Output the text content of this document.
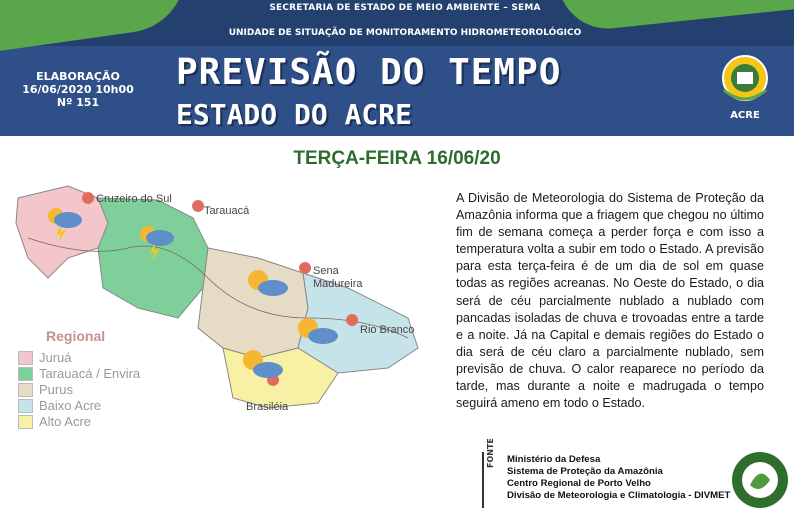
SECRETARIA DE ESTADO DE MEIO AMBIENTE – SEMA
UNIDADE DE SITUAÇÃO DE MONITORAMENTO HIDROMETEOROLÓGICO
ELABORAÇÃO
16/06/2020 10h00
Nº 151
PREVISÃO DO TEMPO
ESTADO DO ACRE	ACRE
TERÇA-FEIRA 16/06/20
Cruzeiro do Sul
Tarauacá
Sena
Madureira
Rio Branco
Brasiléia
Regional
Juruá
Tarauacá / Envira
Purus
Baixo Acre
Alto Acre
A Divisão de Meteorologia do Sistema de Proteção da Amazônia informa que a friagem que chegou no último fim de semana começa a perder força e com isso a temperatura volta a subir em todo o Estado. A previsão para esta terça-feira é de um dia de sol em quase todas as regiões acreanas. No Oeste do Estado, o dia será de céu parcialmente nublado a nublado com pancadas isoladas de chuva e trovoadas entre a tarde e a noite. Já na Capital e demais regiões do Estado o dia será de céu claro a parcialmente nublado, sem previsão de chuva. O calor reaparece no período da tarde, mas durante a noite e madrugada o tempo seguirá ameno em todo o Estado.
FONTE Ministério da Defesa
Sistema de Proteção da Amazônia
Centro Regional de Porto Velho
Divisão de Meteorologia e Climatologia - DIVMET
